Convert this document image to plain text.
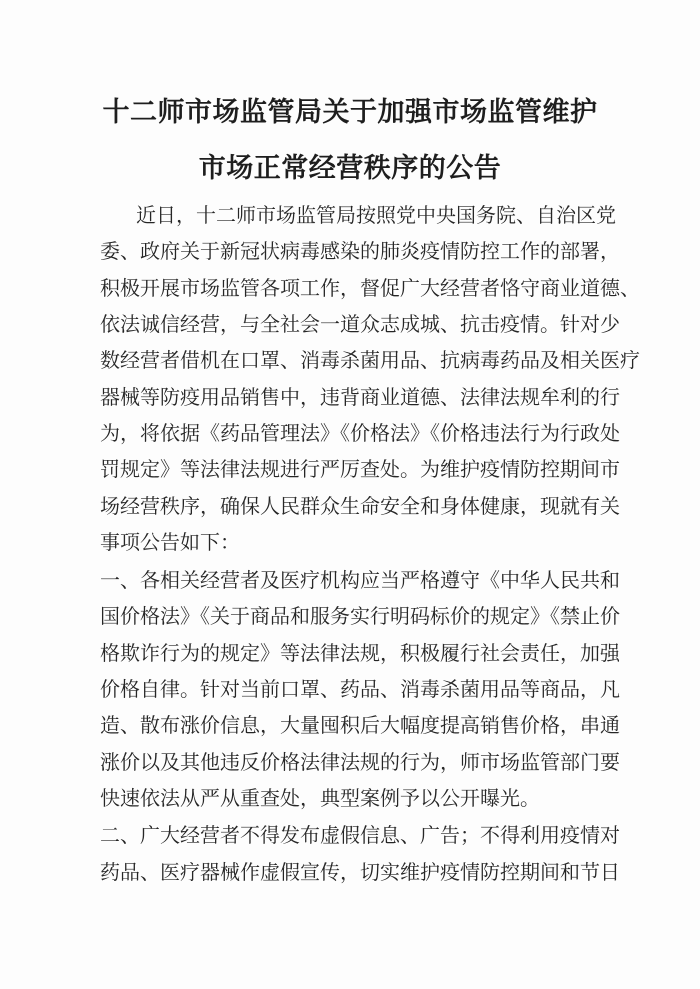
十二师市场监管局关于加强市场监管维护
市场正常经营秩序的公告
近日，十二师市场监管局按照党中央国务院、自治区党
委、政府关于新冠状病毒感染的肺炎疫情防控工作的部署，
积极开展市场监管各项工作，督促广大经营者恪守商业道德、
依法诚信经营，与全社会一道众志成城、抗击疫情。针对少
数经营者借机在口罩、消毒杀菌用品、抗病毒药品及相关医疗
器械等防疫用品销售中，违背商业道德、法律法规牟利的行
为，将依据《药品管理法》《价格法》《价格违法行为行政处
罚规定》等法律法规进行严厉查处。为维护疫情防控期间市
场经营秩序，确保人民群众生命安全和身体健康，现就有关
事项公告如下：
一、各相关经营者及医疗机构应当严格遵守《中华人民共和
国价格法》《关于商品和服务实行明码标价的规定》《禁止价
格欺诈行为的规定》等法律法规，积极履行社会责任，加强
价格自律。针对当前口罩、药品、消毒杀菌用品等商品，凡
造、散布涨价信息，大量囤积后大幅度提高销售价格，串通
涨价以及其他违反价格法律法规的行为，师市场监管部门要
快速依法从严从重查处，典型案例予以公开曝光。
二、广大经营者不得发布虚假信息、广告；不得利用疫情对
药品、医疗器械作虚假宣传，切实维护疫情防控期间和节日
